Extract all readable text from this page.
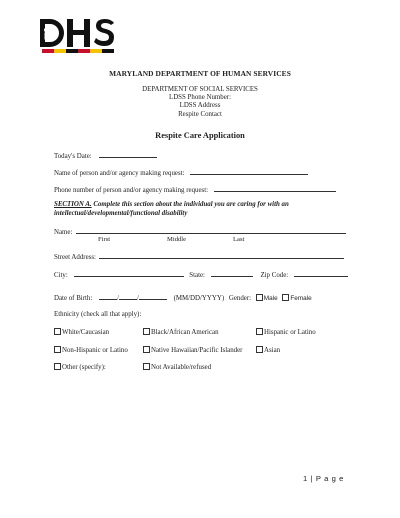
MARYLAND DEPARTMENT OF HUMAN SERVICES
DEPARTMENT OF SOCIAL SERVICES
LDSS Phone Number:
LDSS Address
Respite Contact
Respite Care Application
Today's Date:
Name of person and/or agency making request:
Phone number of person and/or agency making request:
SECTION A. Complete this section about the individual you are caring for with an intellectual/developmental/functional disability
Name:
First	Middle	Last
Street Address:
City:	State:	Zip Code:
Date of Birth:	/	/	(MM/DD/YYYY) Gender: Male Female
Ethnicity (check all that apply):
White/Caucasian	Black/African American	Hispanic or Latino
Non-Hispanic or Latino	Native Hawaiian/Pacific Islander	Asian
Other (specify):	Not Available/refused
1 | P a g e
